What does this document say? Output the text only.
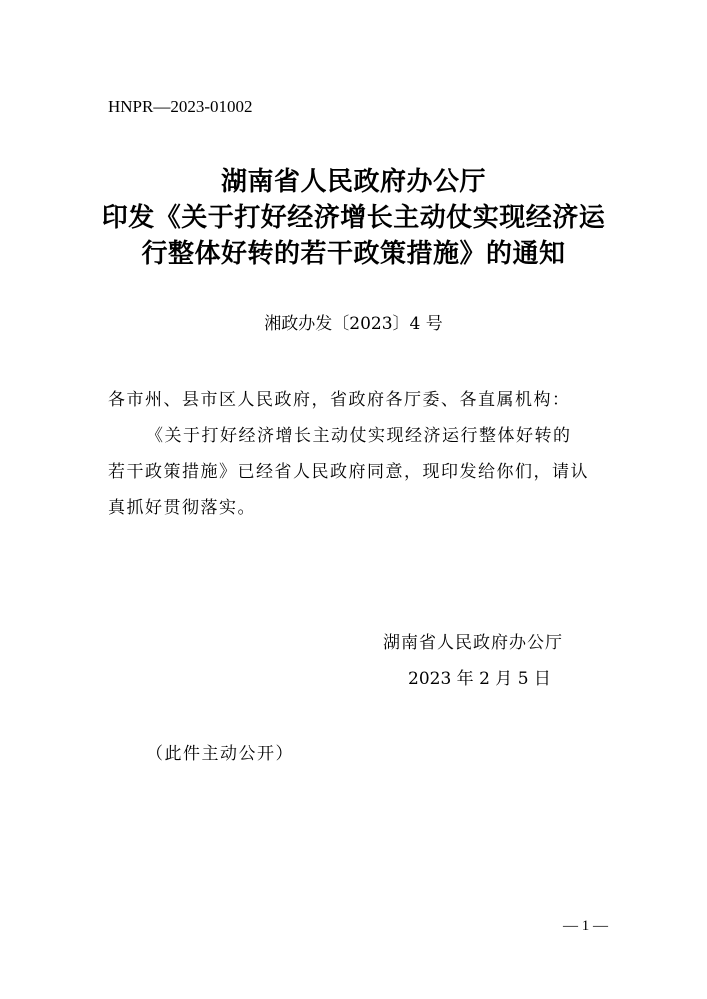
HNPR—2023-01002
湖南省人民政府办公厅
印发《关于打好经济增长主动仗实现经济运
行整体好转的若干政策措施》的通知
湘政办发〔2023〕4 号
各市州、县市区人民政府，省政府各厅委、各直属机构：
《关于打好经济增长主动仗实现经济运行整体好转的
若干政策措施》已经省人民政府同意，现印发给你们，请认
真抓好贯彻落实。
湖南省人民政府办公厅
2023 年 2 月 5 日
（此件主动公开）
— 1 —
